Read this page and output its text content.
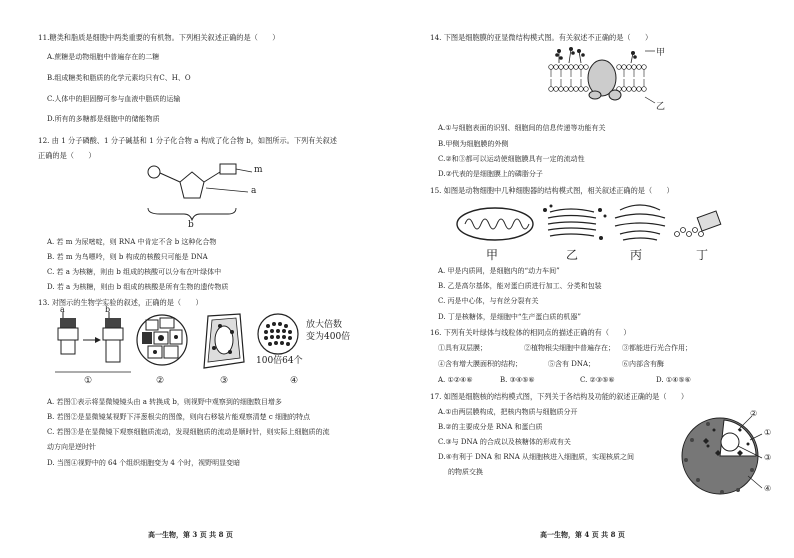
11.糖类和脂质是细胞中两类重要的有机物。下列相关叙述正确的是（　　）
A.蔗糖是动物细胞中普遍存在的二糖
B.组成糖类和脂质的化学元素均只有C、H、O
C.人体中的胆固醇可参与血液中脂质的运输
D.所有的多糖都是细胞中的储能物质
12. 由 1 分子磷酸、1 分子碱基和 1 分子化合物 a 构成了化合物 b，如图所示。下列有关叙述
正确的是（　　）
m
a
b
A. 若 m 为尿嘧啶，则 RNA 中肯定不含 b 这种化合物
B. 若 m 为鸟嘌呤，则 b 构成的核酸只可能是 DNA
C. 若 a 为核糖，则由 b 组成的核酸可以分布在叶绿体中
D. 若 a 为核糖，则由 b 组成的核酸是所有生物的遗传物质
13. 对图示的生物学实验的叙述，正确的是（　　）
a	b
放大倍数
变为400倍
100倍64个
①	②	③	④
A. 若图①表示将显微镜镜头由 a 转换成 b，则视野中观察到的细胞数目增多
B. 若图②是显微镜某视野下洋葱根尖的图像，则向右移装片能观察清楚 c 细胞的特点
C. 若图③是在显微镜下观察细胞质流动，发现细胞质的流动是顺时针，则实际上细胞质的流
动方向是逆时针
D. 当图④视野中的 64 个组织细胞变为 4 个时，视野明显变暗
高一生物，第 3 页 共 8 页
14. 下图是细胞膜的亚显微结构模式图。有关叙述不正确的是（　　）
甲
乙
A.①与细胞表面的识别、细胞间的信息传递等功能有关
B.甲侧为细胞膜的外侧
C.②和③都可以运动使细胞膜具有一定的流动性
D.②代表的是细胞膜上的磷脂分子
15. 如图是动物细胞中几种细胞器的结构模式图，相关叙述正确的是（　　）
甲	乙	丙	丁
A. 甲是内质网，是细胞内的“动力车间”
B. 乙是高尔基体，能对蛋白质进行加工、分类和包装
C. 丙是中心体，与有丝分裂有关
D. 丁是核糖体，是细胞中“生产蛋白质的机器”
16. 下列有关叶绿体与线粒体的相同点的描述正确的有（　　）
①具有双层膜；	②植物根尖细胞中普遍存在； ③都能进行光合作用；
④含有增大膜面积的结构；	⑤含有 DNA；	⑥内部含有酶
A. ①②④⑥	B. ③④⑤⑥	C. ②③⑤⑥	D. ①④⑤⑥
17. 如图是细胞核的结构模式图，下列关于各结构及功能的叙述正确的是（　　）
A.①由两层膜构成，把核内物质与细胞质分开
B.②的主要成分是 RNA 和蛋白质
C.③与 DNA 的合成以及核糖体的形成有关
D.④有利于 DNA 和 RNA 从细胞核进入细胞质，实现核质之间
的物质交换
②
①
③
④
高一生物，第 4 页 共 8 页
